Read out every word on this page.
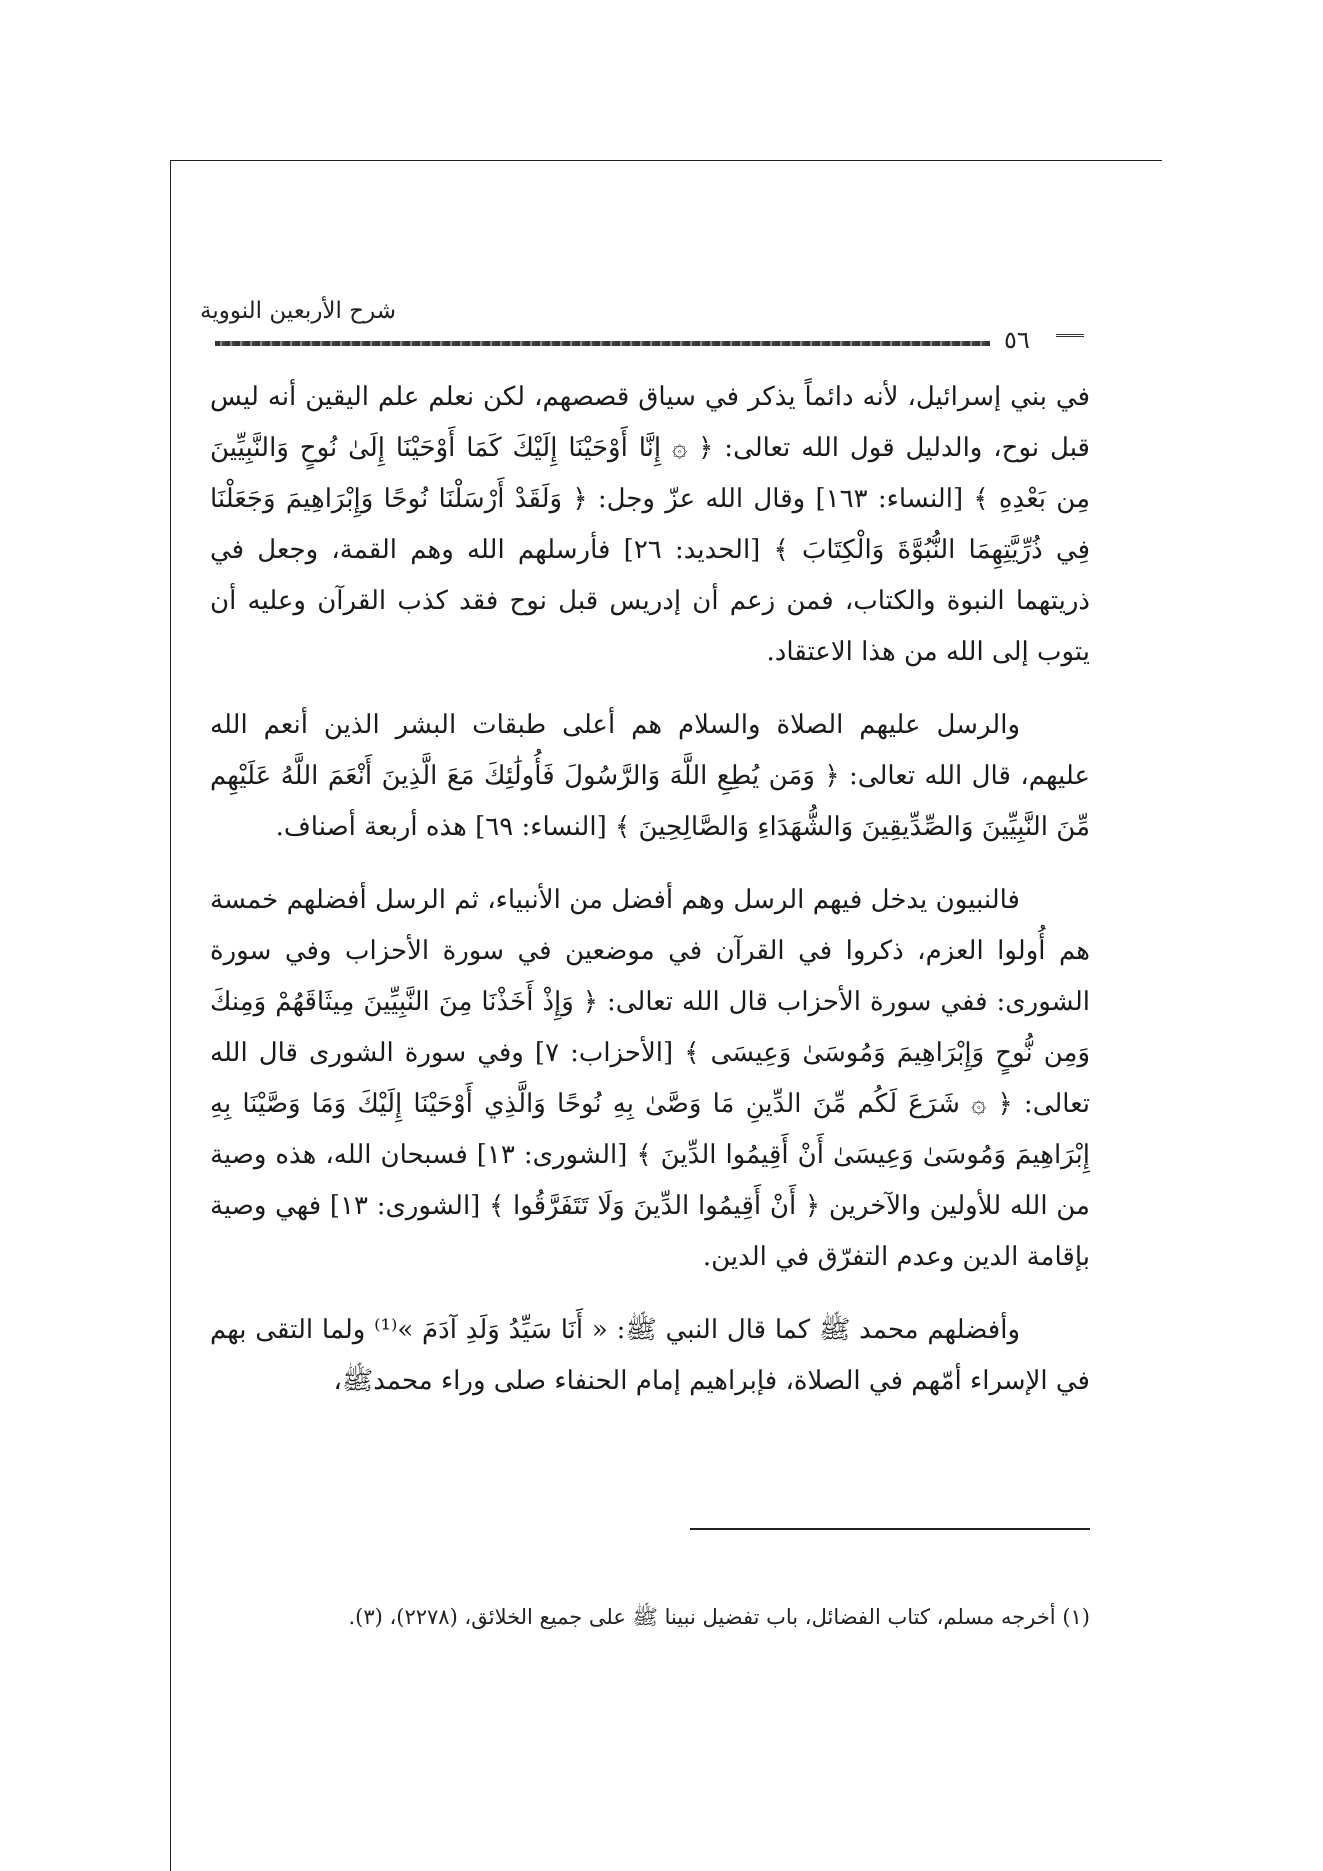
شرح الأربعين النووية
٥٦

في بني إسرائيل، لأنه دائماً يذكر في سياق قصصهم، لكن نعلم علم اليقين أنه ليس قبل نوح، والدليل قول الله تعالى: ﴿ ۞ إِنَّا أَوْحَيْنَا إِلَيْكَ كَمَا أَوْحَيْنَا إِلَىٰ نُوحٍ وَالنَّبِيِّينَ مِن بَعْدِهِ ﴾ [النساء: ١٦٣] وقال الله عزّ وجل: ﴿ وَلَقَدْ أَرْسَلْنَا نُوحًا وَإِبْرَاهِيمَ وَجَعَلْنَا فِي ذُرِّيَّتِهِمَا النُّبُوَّةَ وَالْكِتَابَ ﴾ [الحديد: ٢٦] فأرسلهم الله وهم القمة، وجعل في ذريتهما النبوة والكتاب، فمن زعم أن إدريس قبل نوح فقد كذب القرآن وعليه أن يتوب إلى الله من هذا الاعتقاد.

والرسل عليهم الصلاة والسلام هم أعلى طبقات البشر الذين أنعم الله عليهم، قال الله تعالى: ﴿ وَمَن يُطِعِ اللَّهَ وَالرَّسُولَ فَأُولَٰئِكَ مَعَ الَّذِينَ أَنْعَمَ اللَّهُ عَلَيْهِم مِّنَ النَّبِيِّينَ وَالصِّدِّيقِينَ وَالشُّهَدَاءِ وَالصَّالِحِينَ ﴾ [النساء: ٦٩] هذه أربعة أصناف.

فالنبيون يدخل فيهم الرسل وهم أفضل من الأنبياء، ثم الرسل أفضلهم خمسة هم أُولوا العزم، ذكروا في القرآن في موضعين في سورة الأحزاب وفي سورة الشورى: ففي سورة الأحزاب قال الله تعالى: ﴿ وَإِذْ أَخَذْنَا مِنَ النَّبِيِّينَ مِيثَاقَهُمْ وَمِنكَ وَمِن نُّوحٍ وَإِبْرَاهِيمَ وَمُوسَىٰ وَعِيسَى ﴾ [الأحزاب: ٧] وفي سورة الشورى قال الله تعالى: ﴿ ۞ شَرَعَ لَكُم مِّنَ الدِّينِ مَا وَصَّىٰ بِهِ نُوحًا وَالَّذِي أَوْحَيْنَا إِلَيْكَ وَمَا وَصَّيْنَا بِهِ إِبْرَاهِيمَ وَمُوسَىٰ وَعِيسَىٰ أَنْ أَقِيمُوا الدِّينَ ﴾ [الشورى: ١٣] فسبحان الله، هذه وصية من الله للأولين والآخرين ﴿ أَنْ أَقِيمُوا الدِّينَ وَلَا تَتَفَرَّقُوا ﴾ [الشورى: ١٣] فهي وصية بإقامة الدين وعدم التفرّق في الدين.

وأفضلهم محمد ﷺ كما قال النبي ﷺ: « أَنَا سَيِّدُ وَلَدِ آدَمَ »⁽¹⁾ ولما التقى بهم في الإسراء أمّهم في الصلاة، فإبراهيم إمام الحنفاء صلى وراء محمدﷺ،

(١) أخرجه مسلم، كتاب الفضائل، باب تفضيل نبينا ﷺ على جميع الخلائق، (٢٢٧٨)، (٣).
